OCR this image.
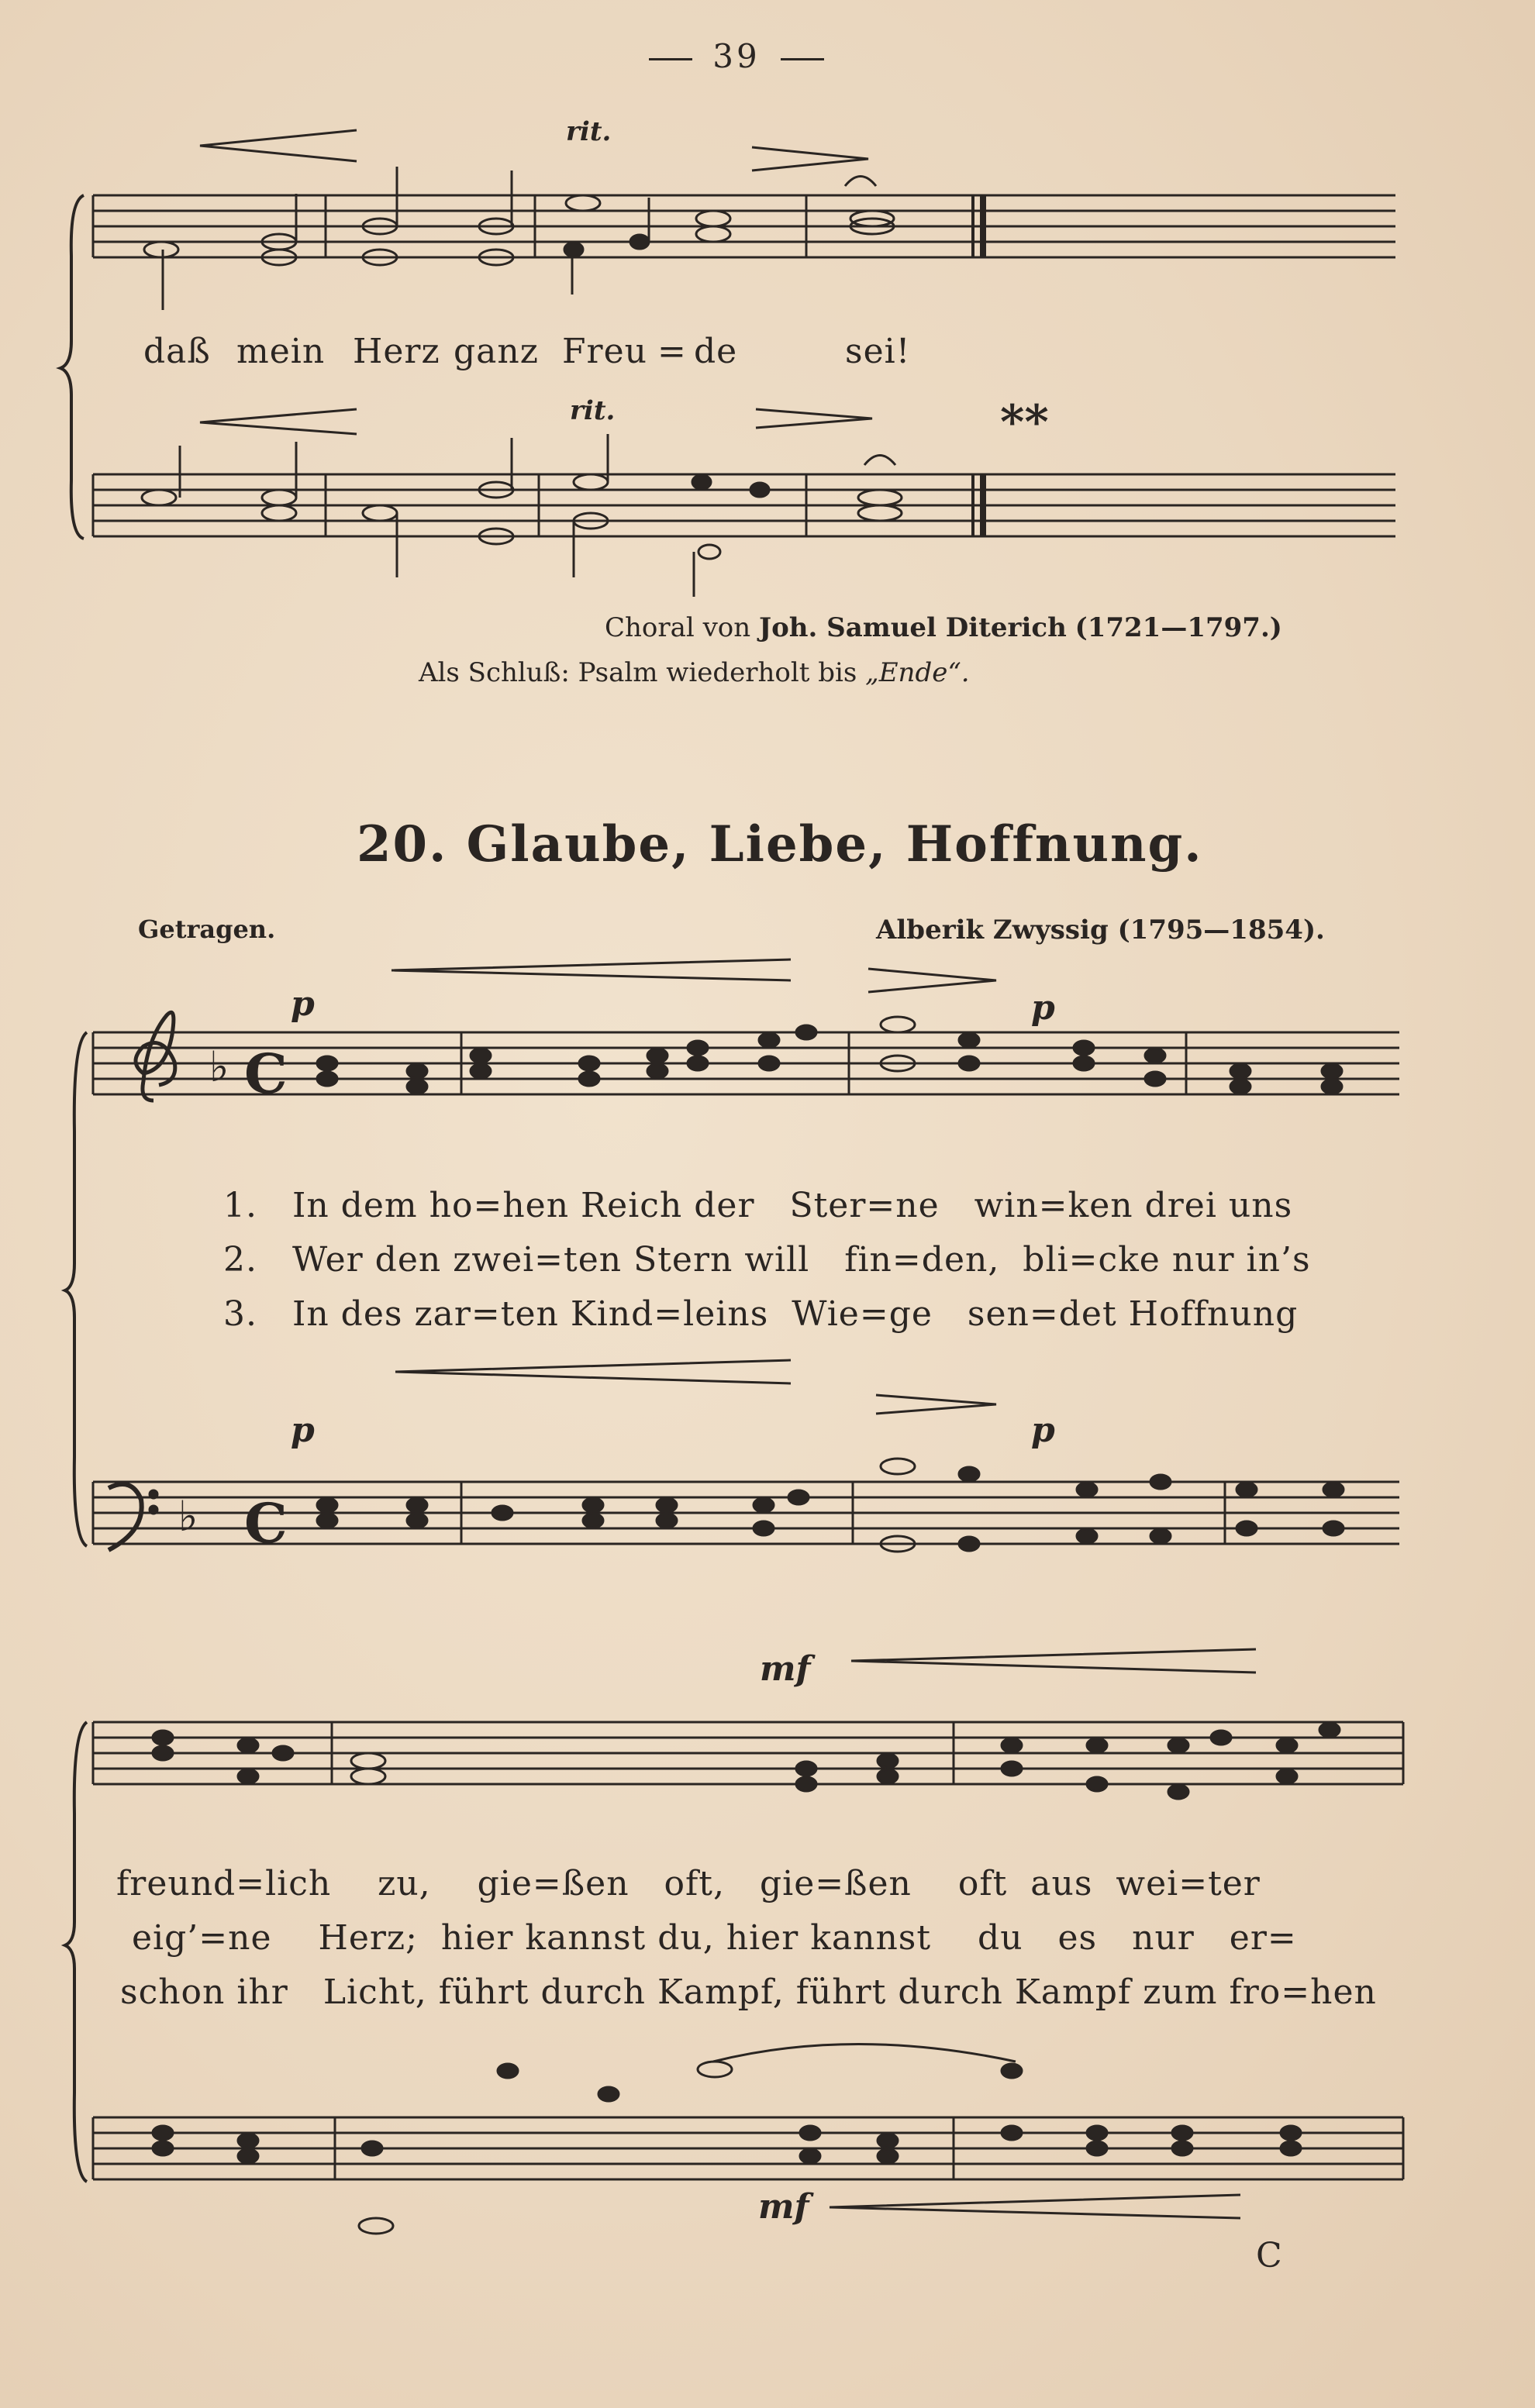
39
♭ C
♭ C
rit.
rit.	**
daß mein Herz ganz Freu = de	sei!
Choral von Joh. Samuel Diterich (1721—1797.)
Als Schluß: Psalm wiederholt bis „Ende“.
20. Glaube, Liebe, Hoffnung.
Getragen.	Alberik Zwyssig (1795—1854).
p	p
p	p
mf
mf
1. In dem ho=hen Reich der Ster=ne win=ken drei uns
2. Wer den zwei=ten Stern will fin=den, bli=cke nur in’s
3. In des zar=ten Kind=leins Wie=ge sen=det Hoffnung
freund=lich zu, gie=ßen oft, gie=ßen oft aus wei=ter
eig’=ne Herz; hier kannst du, hier kannst du es nur er=
schon ihr Licht, führt durch Kampf, führt durch Kampf zum fro=hen
C
